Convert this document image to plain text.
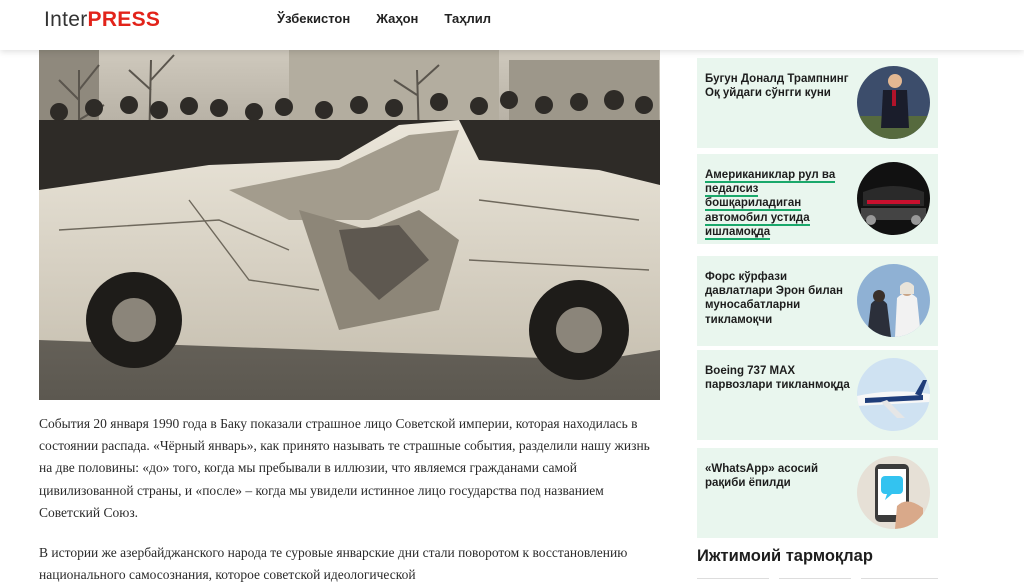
InterPRESS	Ўзбекистон Жаҳон Таҳлил

События 20 января 1990 года в Баку показали страшное лицо Советской империи, которая находилась в состоянии распада. «Чёрный январь», как принято называть те страшные события, разделили нашу жизнь на две половины: «до» того, когда мы пребывали в иллюзии, что являемся гражданами самой цивилизованной страны, и «после» – когда мы увидели истинное лицо государства под названием Советский Союз.

В истории же азербайджанского народа те суровые январские дни стали поворотом к восстановлению национального самосознания, которое советской идеологической

Бугун Доналд Трампнинг Оқ уйдаги сўнгги куни
Американиклар рул ва педалсиз бошқариладиган автомобил устида ишламоқда
Форс кўрфази давлатлари Эрон билан муносабатларни тикламоқчи
Boeing 737 MAX парвозлари тикланмоқда
«WhatsApp» асосий рақиби ёпилди
Ижтимоий тармоқлар
